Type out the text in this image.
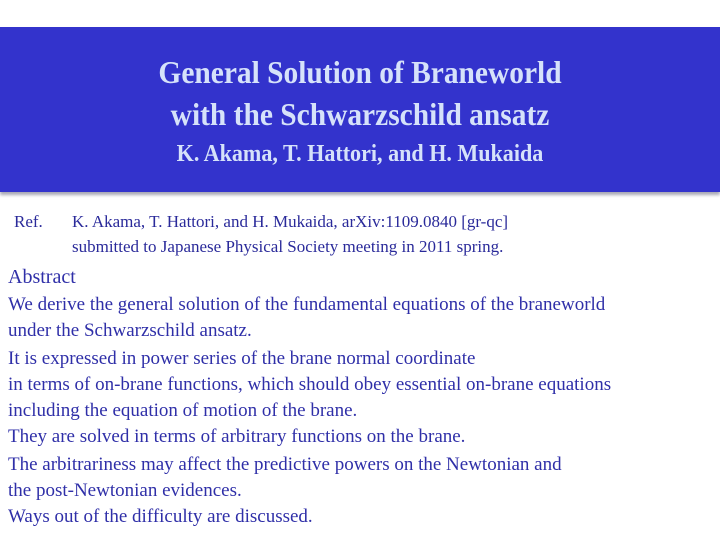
General Solution of Braneworld
with the Schwarzschild ansatz
K. Akama, T. Hattori, and H. Mukaida
Ref. K. Akama, T. Hattori, and H. Mukaida, arXiv:1109.0840 [gr-qc]
submitted to Japanese Physical Society meeting in 2011 spring.
Abstract

We derive the general solution of the fundamental equations of the braneworld

under the Schwarzschild ansatz.

It is expressed in power series of the brane normal coordinate

in terms of on-brane functions, which should obey essential on-brane equations

including the equation of motion of the brane.

They are solved in terms of arbitrary functions on the brane.

The arbitrariness may affect the predictive powers on the Newtonian and

the post-Newtonian evidences.

Ways out of the difficulty are discussed.
